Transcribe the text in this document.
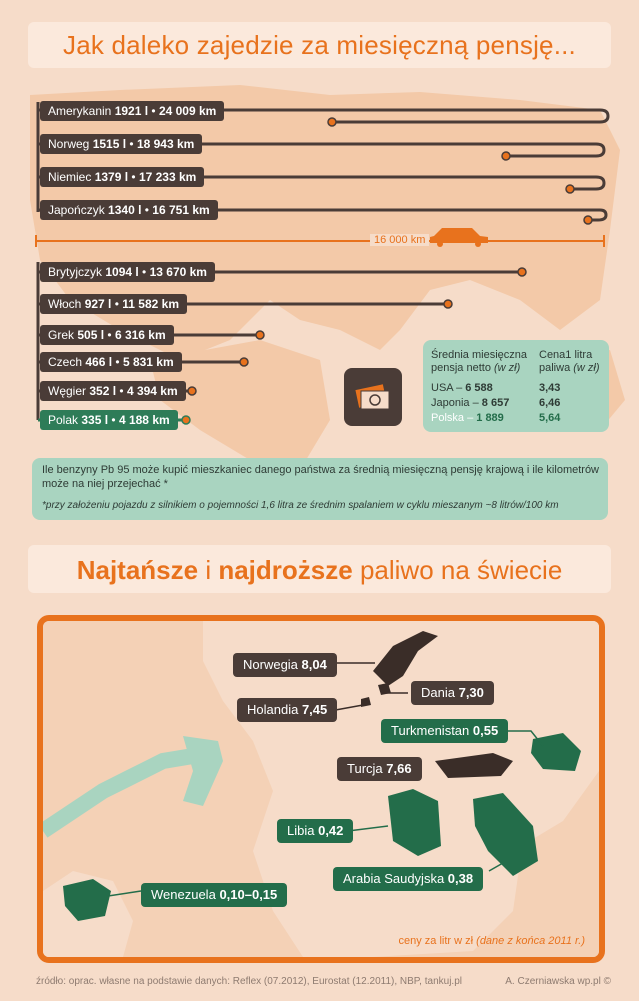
Jak daleko zajedzie za miesięczną pensję...
16 000 km
Amerykanin 1921 l • 24 009 km
Norweg 1515 l • 18 943 km
Niemiec 1379 l • 17 233 km
Japończyk 1340 l • 16 751 km
Brytyjczyk 1094 l • 13 670 km
Włoch 927 l • 11 582 km
Grek 505 l • 6 316 km
Czech 466 l • 5 831 km
Węgier 352 l • 4 394 km
Polak 335 l • 4 188 km
Średnia miesięczna
pensja netto (w zł)
Cena1 litra
paliwa (w zł)
USA – 6 588	3,43
Japonia – 8 657	6,46
Polska – 1 889	5,64

Ile benzyny Pb 95 może kupić mieszkaniec danego państwa za średnią miesięczną pensję krajową i ile kilometrów

może na niej przejechać *

*przy założeniu pojazdu z silnikiem o pojemności 1,6 litra ze średnim spalaniem w cyklu mieszanym ~8 litrów/100 km

Najtańsze i najdroższe paliwo na świecie
Norwegia 8,04
Dania 7,30
Holandia 7,45
Turkmenistan 0,55
Turcja 7,66
Libia 0,42
Arabia Saudyjska 0,38
Wenezuela 0,10–0,15
ceny za litr w zł (dane z końca 2011 r.)
źródło: oprac. własne na podstawie danych: Reflex (07.2012), Eurostat (12.2011), NBP, tankuj.pl	A. Czerniawska wp.pl ©
